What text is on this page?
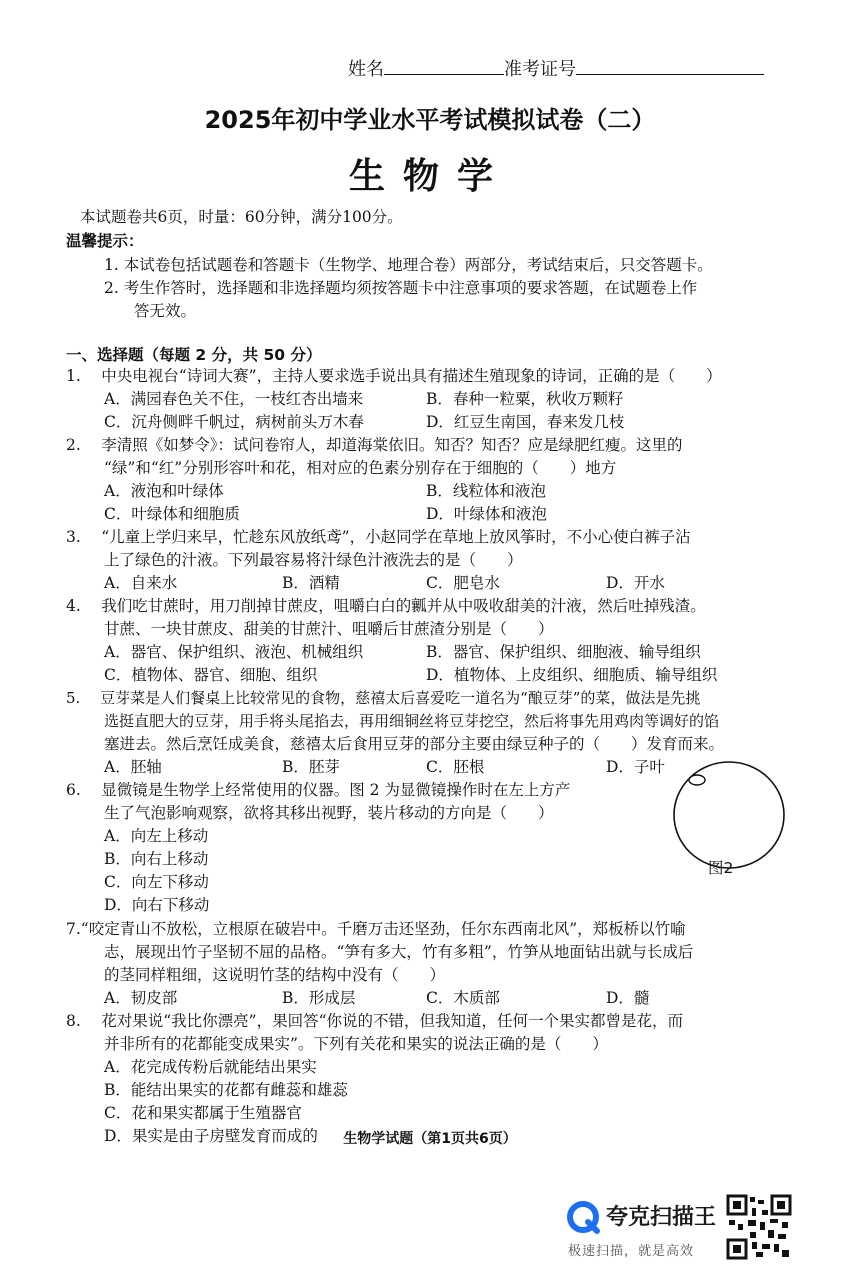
姓名	准考证号
2025年初中学业水平考试模拟试卷（二）
生物学
本试题卷共6页，时量：60分钟，满分100分。
温馨提示：
1. 本试卷包括试题卷和答题卡（生物学、地理合卷）两部分，考试结束后，只交答题卡。
2. 考生作答时，选择题和非选择题均须按答题卡中注意事项的要求答题，在试题卷上作
答无效。
一、选择题（每题 2 分，共 50 分）
1.　 中央电视台“诗词大赛”，主持人要求选手说出具有描述生殖现象的诗词，正确的是（　　）
A．满园春色关不住，一枝红杏出墙来	B．春种一粒粟，秋收万颗籽
C．沉舟侧畔千帆过，病树前头万木春	D．红豆生南国，春来发几枝
2.　 李清照《如梦令》：试问卷帘人，却道海棠依旧。知否？知否？应是绿肥红瘦。这里的
“绿”和“红”分别形容叶和花，相对应的色素分别存在于细胞的（　　）地方
A．液泡和叶绿体	B．线粒体和液泡
C．叶绿体和细胞质	D．叶绿体和液泡
3.　 “儿童上学归来早，忙趁东风放纸鸢”，小赵同学在草地上放风筝时，不小心使白裤子沾
上了绿色的汁液。下列最容易将汁绿色汁液洗去的是（　　）
A．自来水	B．酒精	C．肥皂水	D．开水
4.　 我们吃甘蔗时，用刀削掉甘蔗皮，咀嚼白白的瓤并从中吸收甜美的汁液，然后吐掉残渣。
甘蔗、一块甘蔗皮、甜美的甘蔗汁、咀嚼后甘蔗渣分别是（　　）
A．器官、保护组织、液泡、机械组织	B．器官、保护组织、细胞液、输导组织
C．植物体、器官、细胞、组织	D．植物体、上皮组织、细胞质、输导组织
5.　 豆芽菜是人们餐桌上比较常见的食物，慈禧太后喜爱吃一道名为“酿豆芽”的菜，做法是先挑
选挺直肥大的豆芽，用手将头尾掐去，再用细铜丝将豆芽挖空，然后将事先用鸡肉等调好的馅
塞进去。然后烹饪成美食，慈禧太后食用豆芽的部分主要由绿豆种子的（　　）发育而来。
A．胚轴	B．胚芽	C．胚根	D．子叶
6.　 显微镜是生物学上经常使用的仪器。图 2 为显微镜操作时在左上方产
生了气泡影响观察，欲将其移出视野，装片移动的方向是（　　）
A．向左上移动
B．向右上移动
C．向左下移动
D．向右下移动
图2
7.“咬定青山不放松，立根原在破岩中。千磨万击还坚劲，任尔东西南北风”，郑板桥以竹喻
志，展现出竹子坚韧不屈的品格。“笋有多大，竹有多粗”，竹笋从地面钻出就与长成后
的茎同样粗细，这说明竹茎的结构中没有（　　）
A．韧皮部	B．形成层	C．木质部	D．髓
8.　 花对果说“我比你漂亮”，果回答“你说的不错，但我知道，任何一个果实都曾是花，而
并非所有的花都能变成果实”。下列有关花和果实的说法正确的是（　　）
A．花完成传粉后就能结出果实
B．能结出果实的花都有雌蕊和雄蕊
C．花和果实都属于生殖器官
D．果实是由子房壁发育而成的	生物学试题（第1页共6页）
夸克扫描王
极速扫描，就是高效
